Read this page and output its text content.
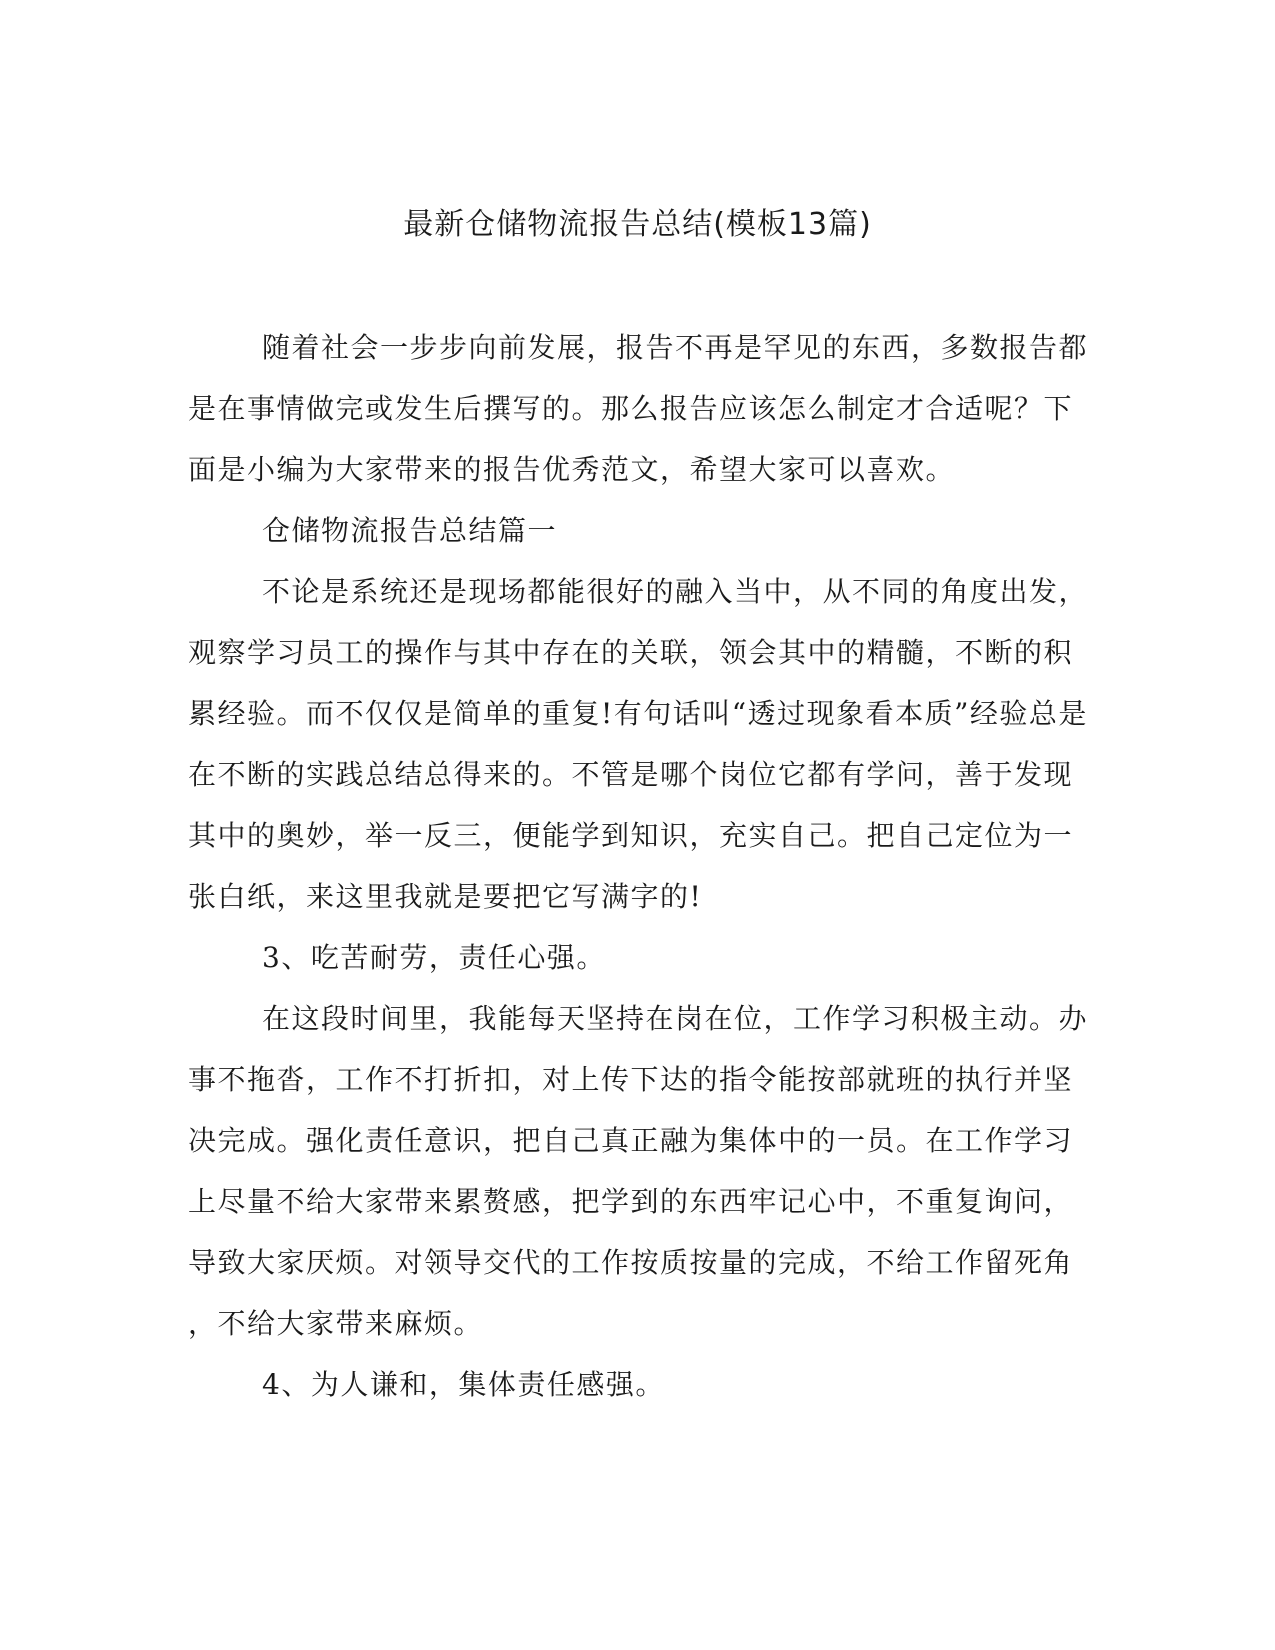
最新仓储物流报告总结(模板13篇)

随着社会一步步向前发展，报告不再是罕见的东西，多数报告都
是在事情做完或发生后撰写的。那么报告应该怎么制定才合适呢？下
面是小编为大家带来的报告优秀范文，希望大家可以喜欢。

仓储物流报告总结篇一

不论是系统还是现场都能很好的融入当中，从不同的角度出发，
观察学习员工的操作与其中存在的关联，领会其中的精髓，不断的积
累经验。而不仅仅是简单的重复!有句话叫“透过现象看本质”经验总是
在不断的实践总结总得来的。不管是哪个岗位它都有学问，善于发现
其中的奥妙，举一反三，便能学到知识，充实自己。把自己定位为一
张白纸，来这里我就是要把它写满字的!

3、吃苦耐劳，责任心强。

在这段时间里，我能每天坚持在岗在位，工作学习积极主动。办
事不拖沓，工作不打折扣，对上传下达的指令能按部就班的执行并坚
决完成。强化责任意识，把自己真正融为集体中的一员。在工作学习
上尽量不给大家带来累赘感，把学到的东西牢记心中，不重复询问，
导致大家厌烦。对领导交代的工作按质按量的完成，不给工作留死角
，不给大家带来麻烦。

4、为人谦和，集体责任感强。
